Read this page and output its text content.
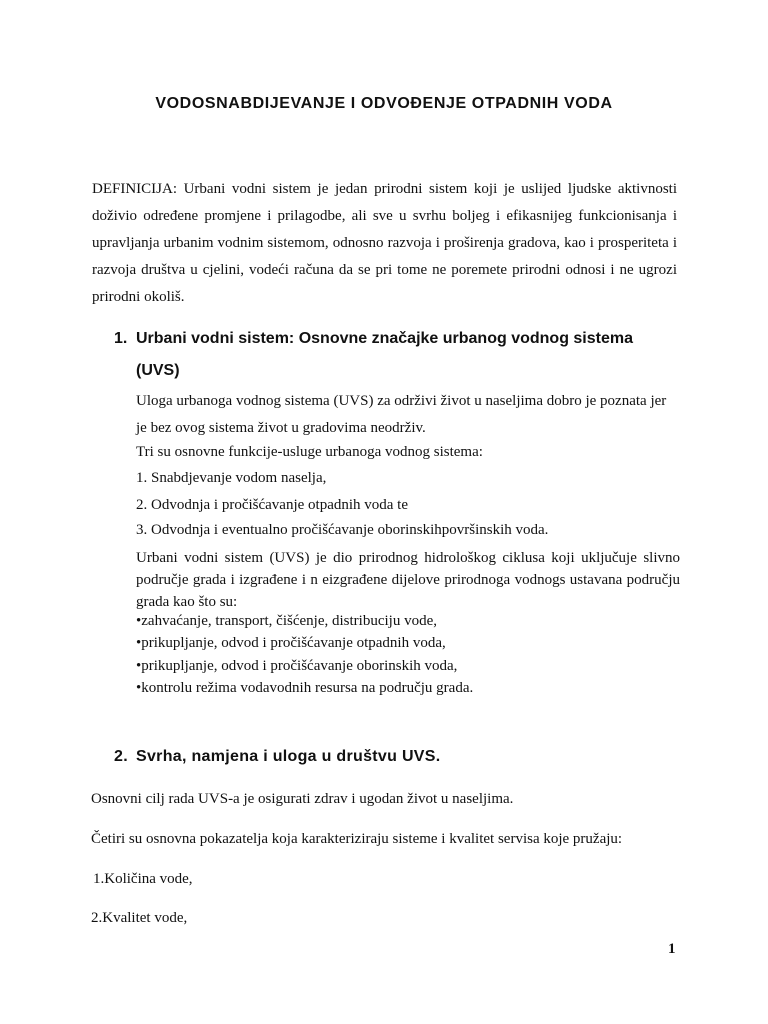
VODOSNABDIJEVANJE I ODVOĐENJE OTPADNIH VODA

DEFINICIJA: Urbani vodni sistem je jedan prirodni sistem koji je uslijed ljudske aktivnosti doživio određene promjene i prilagodbe, ali sve u svrhu boljeg i efikasnijeg funkcionisanja i upravljanja urbanim vodnim sistemom, odnosno razvoja i proširenja gradova, kao i prosperiteta i razvoja društva u cjelini, vodeći računa da se pri tome ne poremete prirodni odnosi i ne ugrozi prirodni okoliš.

1. Urbani vodni sistem: Osnovne značajke urbanog vodnog sistema (UVS)

Uloga urbanoga vodnog sistema (UVS) za održivi život u naseljima dobro je poznata jer je bez ovog sistema život u gradovima neodrživ.

Tri su osnovne funkcije-usluge urbanoga vodnog sistema:

1. Snabdjevanje vodom naselja,

2. Odvodnja i pročišćavanje otpadnih voda te

3. Odvodnja i eventualno pročišćavanje oborinskihpovršinskih voda.

Urbani vodni sistem (UVS) je dio prirodnog hidrološkog ciklusa koji uključuje slivno područje grada i izgrađene i n eizgrađene dijelove prirodnoga vodnogs ustavana području grada kao što su:

•zahvaćanje, transport, čišćenje, distribuciju vode,

•prikupljanje, odvod i pročišćavanje otpadnih voda,

•prikupljanje, odvod i pročišćavanje oborinskih voda,

•kontrolu režima vodavodnih resursa na području grada.

2. Svrha, namjena i uloga u društvu UVS.

Osnovni cilj rada UVS-a je osigurati zdrav i ugodan život u naseljima.

Četiri su osnovna pokazatelja koja karakteriziraju sisteme i kvalitet servisa koje pružaju:

1.Količina vode,

2.Kvalitet vode,

1
